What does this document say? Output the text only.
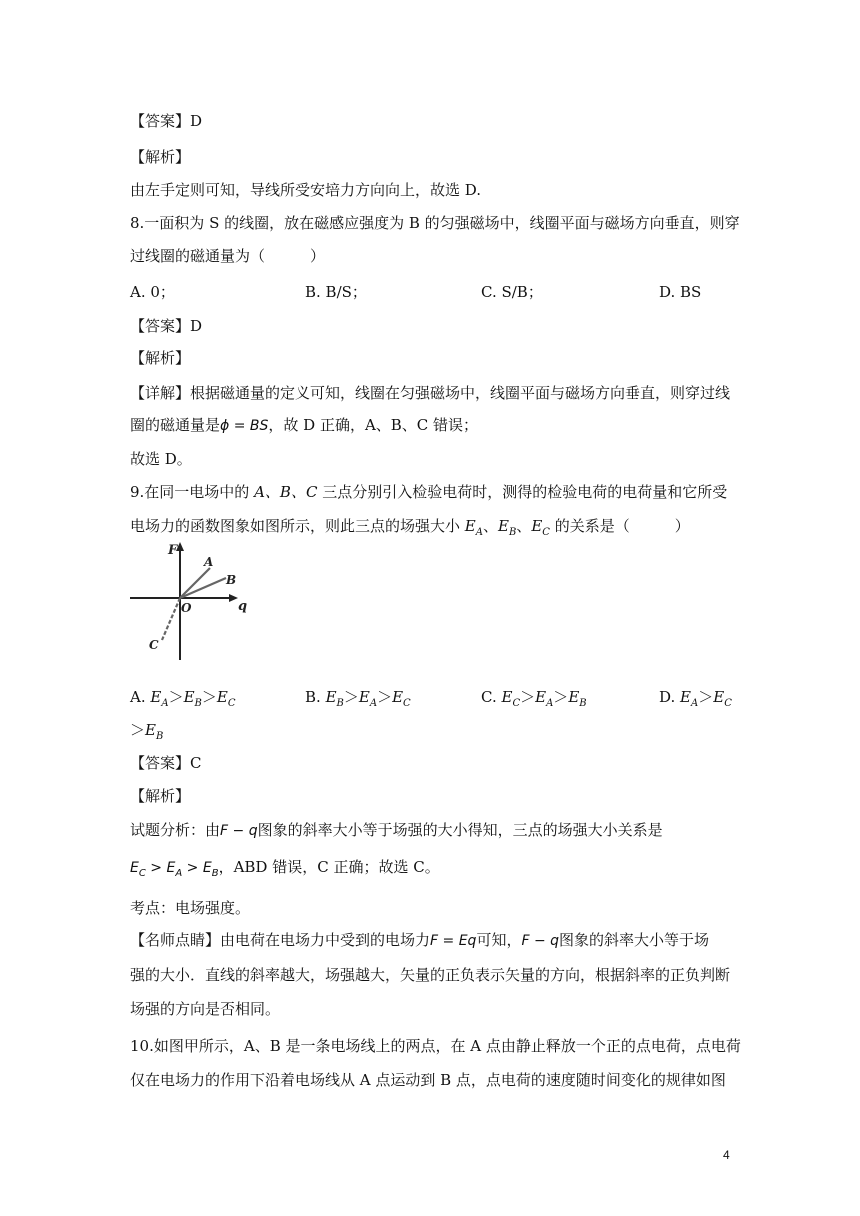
【答案】D
【解析】
由左手定则可知，导线所受安培力方向向上，故选 D.
8.一面积为 S 的线圈，放在磁感应强度为 B 的匀强磁场中，线圈平面与磁场方向垂直，则穿
过线圈的磁通量为（　　　）
A. 0；	B. B/S；	C. S/B；	D. BS
【答案】D
【解析】
【详解】根据磁通量的定义可知，线圈在匀强磁场中，线圈平面与磁场方向垂直，则穿过线
圈的磁通量是ϕ = BS，故 D 正确，A、B、C 错误；
故选 D。
9.在同一电场中的 A、B、C 三点分别引入检验电荷时，测得的检验电荷的电荷量和它所受
电场力的函数图象如图所示，则此三点的场强大小 $E_A$、$E_B$、$E_C$ 的关系是（　　　）
F
q
O
A
B
C
A. $E_A>E_B>E_C$	B. $E_B>E_A>E_C$	C. $E_C>E_A>E_B$	D. $E_A>E_C$
$>E_B$
【答案】C
【解析】
试题分析：由F − q图象的斜率大小等于场强的大小得知，三点的场强大小关系是
$E_C > E_A > E_B$，ABD 错误，C 正确；故选 C。
考点：电场强度。
【名师点睛】由电荷在电场力中受到的电场力F = Eq可知，F − q图象的斜率大小等于场
强的大小．直线的斜率越大，场强越大，矢量的正负表示矢量的方向，根据斜率的正负判断
场强的方向是否相同。
10.如图甲所示，A、B 是一条电场线上的两点，在 A 点由静止释放一个正的点电荷，点电荷
仅在电场力的作用下沿着电场线从 A 点运动到 B 点，点电荷的速度随时间变化的规律如图
4
